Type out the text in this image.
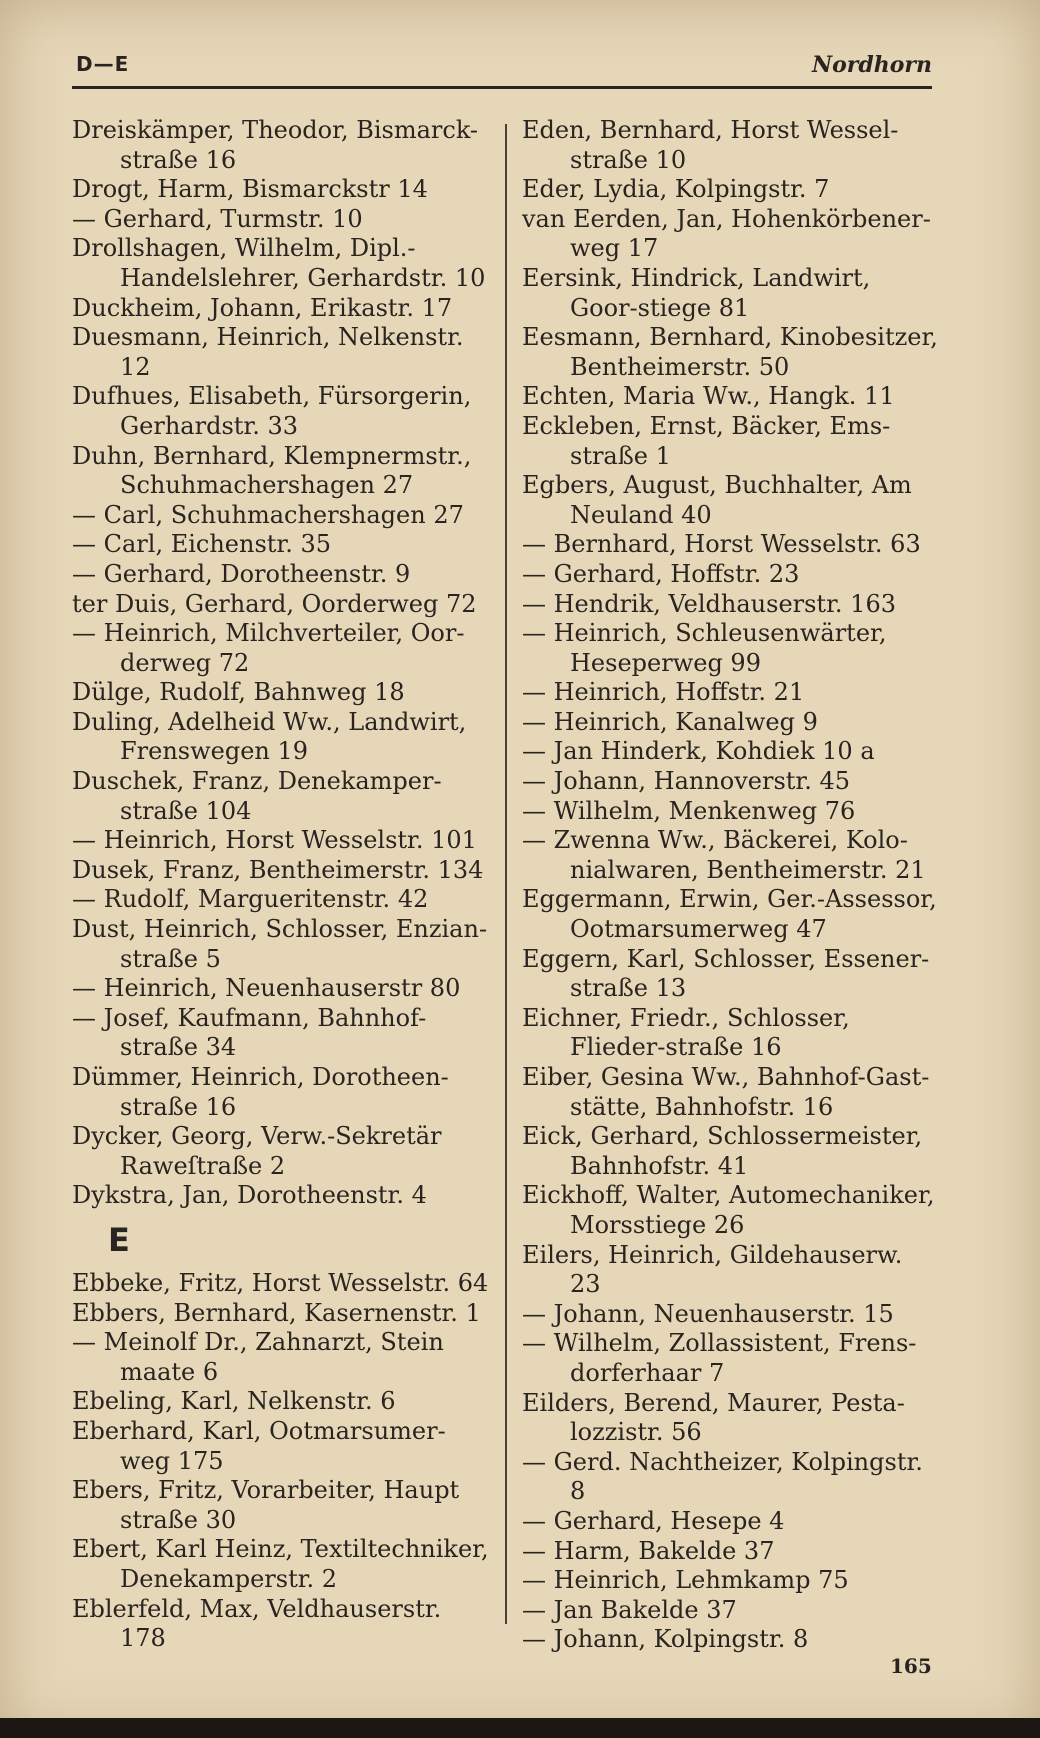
D—E	Nordhorn

Dreiskämper, Theodor, Bismarck-straße 16

Drogt, Harm, Bismarckstr 14

— Gerhard, Turmstr. 10

Drollshagen, Wilhelm, Dipl.-Handelslehrer, Gerhardstr. 10

Duckheim, Johann, Erikastr. 17

Duesmann, Heinrich, Nelkenstr. 12

Dufhues, Elisabeth, Fürsorgerin, Gerhardstr. 33

Duhn, Bernhard, Klempnermstr., Schuhmachershagen 27

— Carl, Schuhmachershagen 27

— Carl, Eichenstr. 35

— Gerhard, Dorotheenstr. 9

ter Duis, Gerhard, Oorderweg 72

— Heinrich, Milchverteiler, Oor-derweg 72

Dülge, Rudolf, Bahnweg 18

Duling, Adelheid Ww., Landwirt, Frenswegen 19

Duschek, Franz, Denekamper-straße 104

— Heinrich, Horst Wesselstr. 101

Dusek, Franz, Bentheimerstr. 134

— Rudolf, Margueritenstr. 42

Dust, Heinrich, Schlosser, Enzian-straße 5

— Heinrich, Neuenhauserstr 80

— Josef, Kaufmann, Bahnhof-straße 34

Dümmer, Heinrich, Dorotheen-straße 16

Dycker, Georg, Verw.-Sekretär Raweſtraße 2

Dykstra, Jan, Dorotheenstr. 4

E

Ebbeke, Fritz, Horst Wesselstr. 64

Ebbers, Bernhard, Kasernenstr. 1

— Meinolf Dr., Zahnarzt, Stein maate 6

Ebeling, Karl, Nelkenstr. 6

Eberhard, Karl, Ootmarsumer-weg 175

Ebers, Fritz, Vorarbeiter, Haupt straße 30

Ebert, Karl Heinz, Textiltechniker, Denekamperstr. 2

Eblerfeld, Max, Veldhauserstr. 178

Eden, Bernhard, Horst Wessel-straße 10

Eder, Lydia, Kolpingstr. 7

van Eerden, Jan, Hohenkörbener-weg 17

Eersink, Hindrick, Landwirt, Goor-stiege 81

Eesmann, Bernhard, Kinobesitzer, Bentheimerstr. 50

Echten, Maria Ww., Hangk. 11

Eckleben, Ernst, Bäcker, Ems-straße 1

Egbers, August, Buchhalter, Am Neuland 40

— Bernhard, Horst Wesselstr. 63

— Gerhard, Hoffstr. 23

— Hendrik, Veldhauserstr. 163

— Heinrich, Schleusenwärter, Heseperweg 99

— Heinrich, Hoffstr. 21

— Heinrich, Kanalweg 9

— Jan Hinderk, Kohdiek 10 a

— Johann, Hannoverstr. 45

— Wilhelm, Menkenweg 76

— Zwenna Ww., Bäckerei, Kolo-nialwaren, Bentheimerstr. 21

Eggermann, Erwin, Ger.-Assessor, Ootmarsumerweg 47

Eggern, Karl, Schlosser, Essener-straße 13

Eichner, Friedr., Schlosser, Flieder-straße 16

Eiber, Gesina Ww., Bahnhof-Gast-stätte, Bahnhofstr. 16

Eick, Gerhard, Schlossermeister, Bahnhofstr. 41

Eickhoff, Walter, Automechaniker, Morsstiege 26

Eilers, Heinrich, Gildehauserw. 23

— Johann, Neuenhauserstr. 15

— Wilhelm, Zollassistent, Frens-dorferhaar 7

Eilders, Berend, Maurer, Pesta-lozzistr. 56

— Gerd. Nachtheizer, Kolpingstr. 8

— Gerhard, Hesepe 4

— Harm, Bakelde 37

— Heinrich, Lehmkamp 75

— Jan Bakelde 37

— Johann, Kolpingstr. 8

165
